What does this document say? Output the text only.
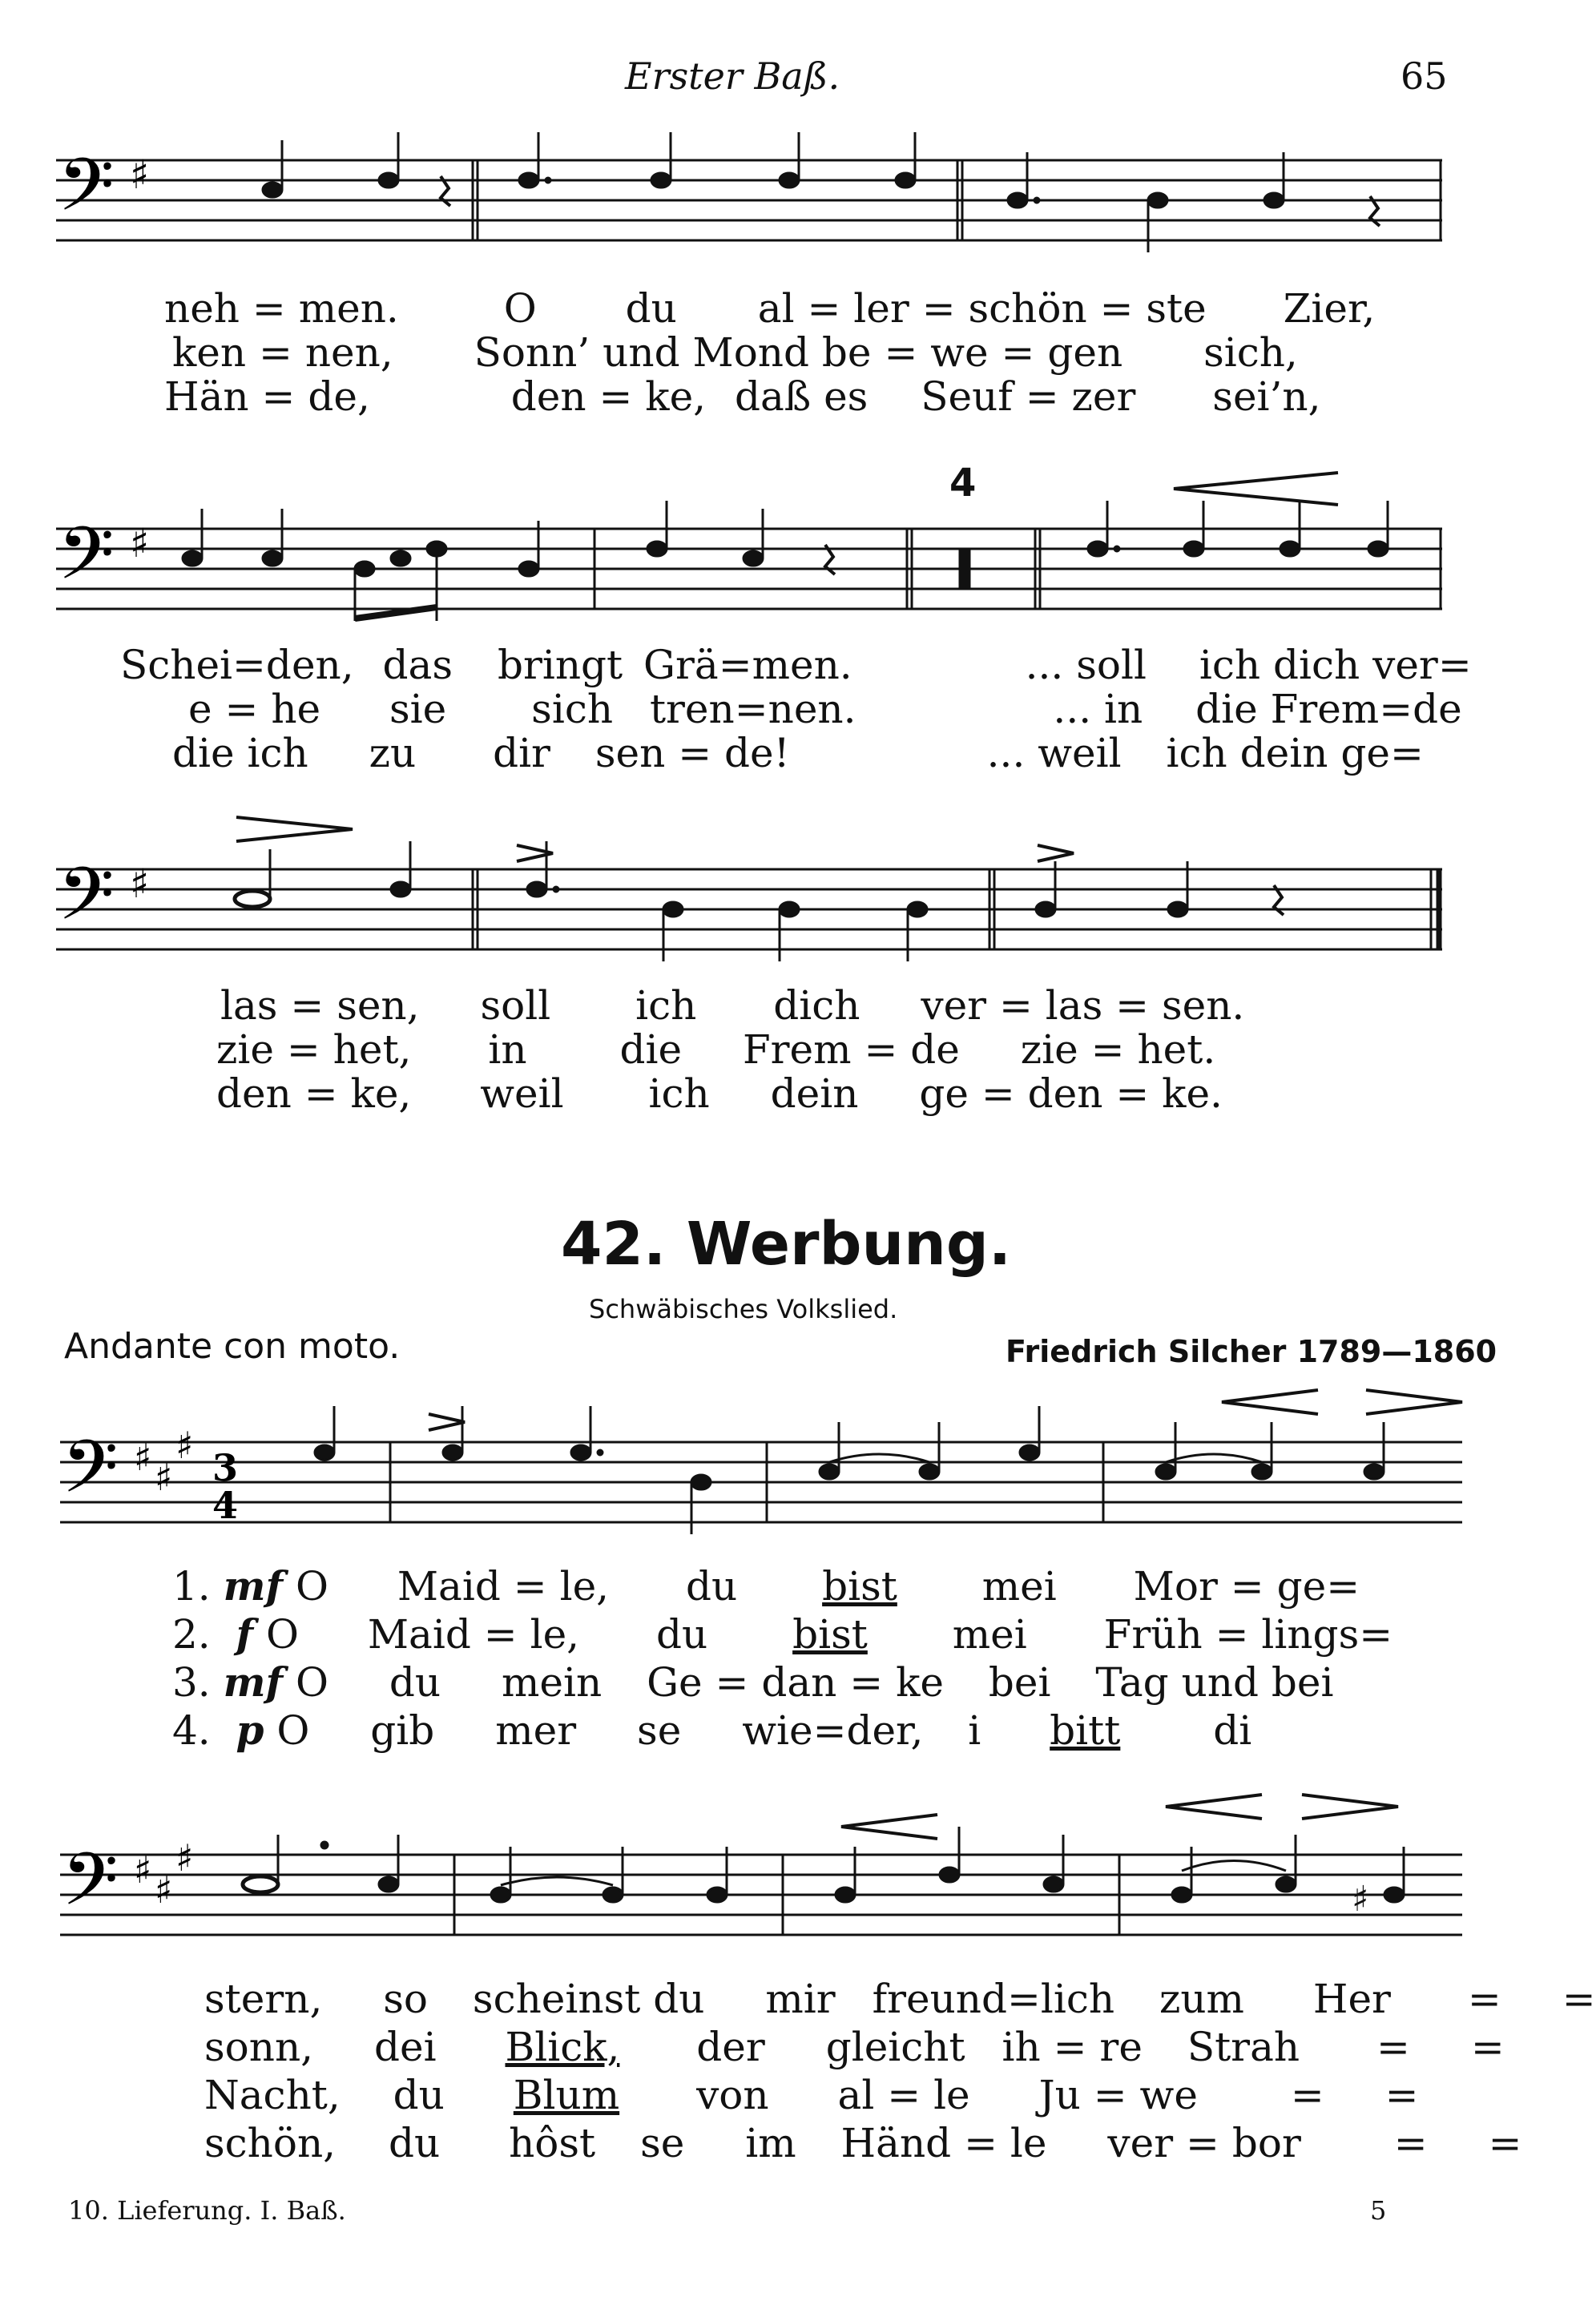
Erster Baß.	65
𝄢 ♯
neh = men.	O du al = ler = schön = ste Zier,
ken = nen, Sonn’ und Mond be = we = gen sich,
Hän = de,	den = ke, daß es Seuf = zer sei’n,
4
𝄢 ♯
Schei=den, das bringt Grä=men.	... soll ich dich ver=
e = he sie sich tren=nen.	... in die Frem=de
die ich zu dir sen = de!	... weil ich dein ge=
𝄢 ♯
las = sen, soll ich dich ver = las = sen.
zie = het, in die Frem = de zie = het.
den = ke, weil ich dein ge = den = ke.
42. Werbung.
Schwäbisches Volkslied.
Andante con moto.	Friedrich Silcher 1789—1860
𝄢 ♯ ♯
♯
3
4
1. mf O Maid = le, du bist mei Mor = ge=
2. f O Maid = le, du bist mei Früh = lings=
3. mf O du mein Ge = dan = ke bei Tag und bei
4. p O gib mer se wie=der, i bitt di
𝄢 ♯ ♯
♯
♯
stern, so scheinst du mir freund=lich zum Her = =
sonn, dei Blick, der gleicht ih = re Strah = =
Nacht, du Blum von al = le Ju = we = =
schön, du hôst se im Händ = le ver = bor = =
10. Lieferung. I. Baß.	5
